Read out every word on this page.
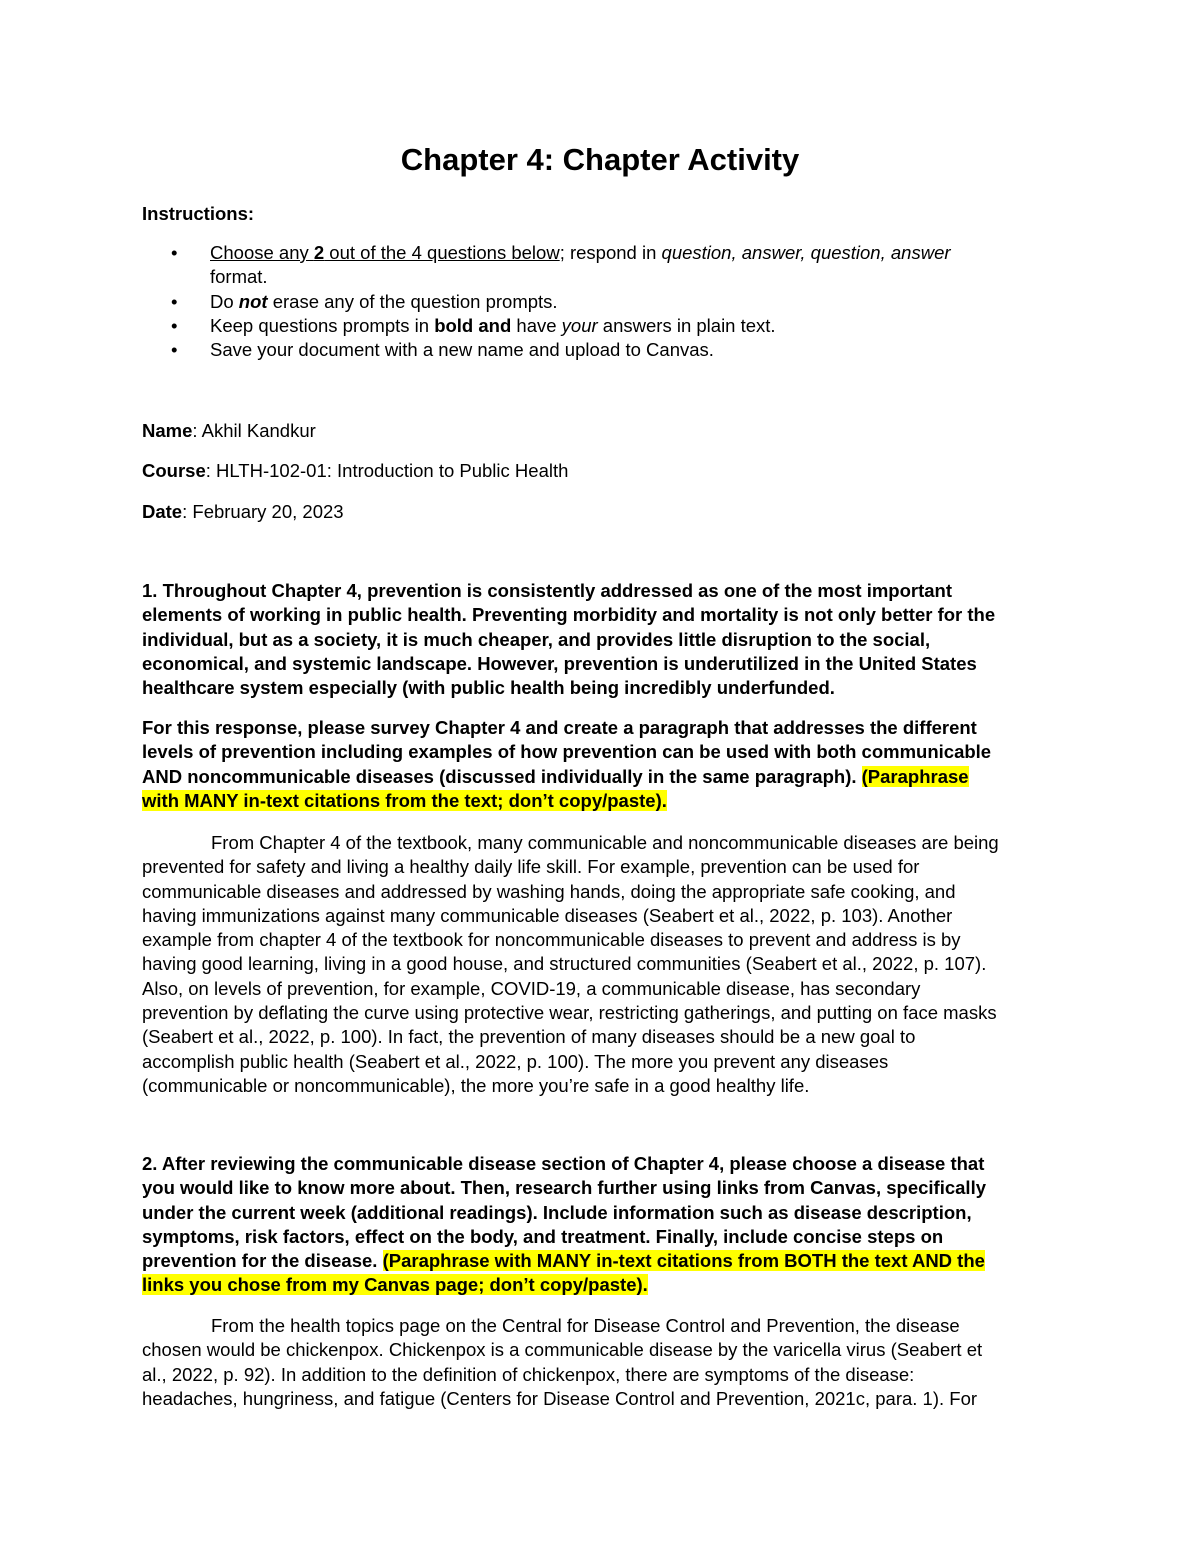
Chapter 4: Chapter Activity
Instructions:
• Choose any 2 out of the 4 questions below; respond in question, answer, question, answer
format.
• Do not erase any of the question prompts.
• Keep questions prompts in bold and have your answers in plain text.
• Save your document with a new name and upload to Canvas.
Name: Akhil Kandkur
Course: HLTH-102-01: Introduction to Public Health
Date: February 20, 2023
1. Throughout Chapter 4, prevention is consistently addressed as one of the most important
elements of working in public health. Preventing morbidity and mortality is not only better for the
individual, but as a society, it is much cheaper, and provides little disruption to the social,
economical, and systemic landscape. However, prevention is underutilized in the United States
healthcare system especially (with public health being incredibly underfunded.
For this response, please survey Chapter 4 and create a paragraph that addresses the different
levels of prevention including examples of how prevention can be used with both communicable
AND noncommunicable diseases (discussed individually in the same paragraph). (Paraphrase
with MANY in-text citations from the text; don’t copy/paste).
From Chapter 4 of the textbook, many communicable and noncommunicable diseases are being
prevented for safety and living a healthy daily life skill. For example, prevention can be used for
communicable diseases and addressed by washing hands, doing the appropriate safe cooking, and
having immunizations against many communicable diseases (Seabert et al., 2022, p. 103). Another
example from chapter 4 of the textbook for noncommunicable diseases to prevent and address is by
having good learning, living in a good house, and structured communities (Seabert et al., 2022, p. 107).
Also, on levels of prevention, for example, COVID-19, a communicable disease, has secondary
prevention by deflating the curve using protective wear, restricting gatherings, and putting on face masks
(Seabert et al., 2022, p. 100). In fact, the prevention of many diseases should be a new goal to
accomplish public health (Seabert et al., 2022, p. 100). The more you prevent any diseases
(communicable or noncommunicable), the more you’re safe in a good healthy life.
2. After reviewing the communicable disease section of Chapter 4, please choose a disease that
you would like to know more about. Then, research further using links from Canvas, specifically
under the current week (additional readings). Include information such as disease description,
symptoms, risk factors, effect on the body, and treatment. Finally, include concise steps on
prevention for the disease. (Paraphrase with MANY in-text citations from BOTH the text AND the
links you chose from my Canvas page; don’t copy/paste).
From the health topics page on the Central for Disease Control and Prevention, the disease
chosen would be chickenpox. Chickenpox is a communicable disease by the varicella virus (Seabert et
al., 2022, p. 92). In addition to the definition of chickenpox, there are symptoms of the disease:
headaches, hungriness, and fatigue (Centers for Disease Control and Prevention, 2021c, para. 1). For
